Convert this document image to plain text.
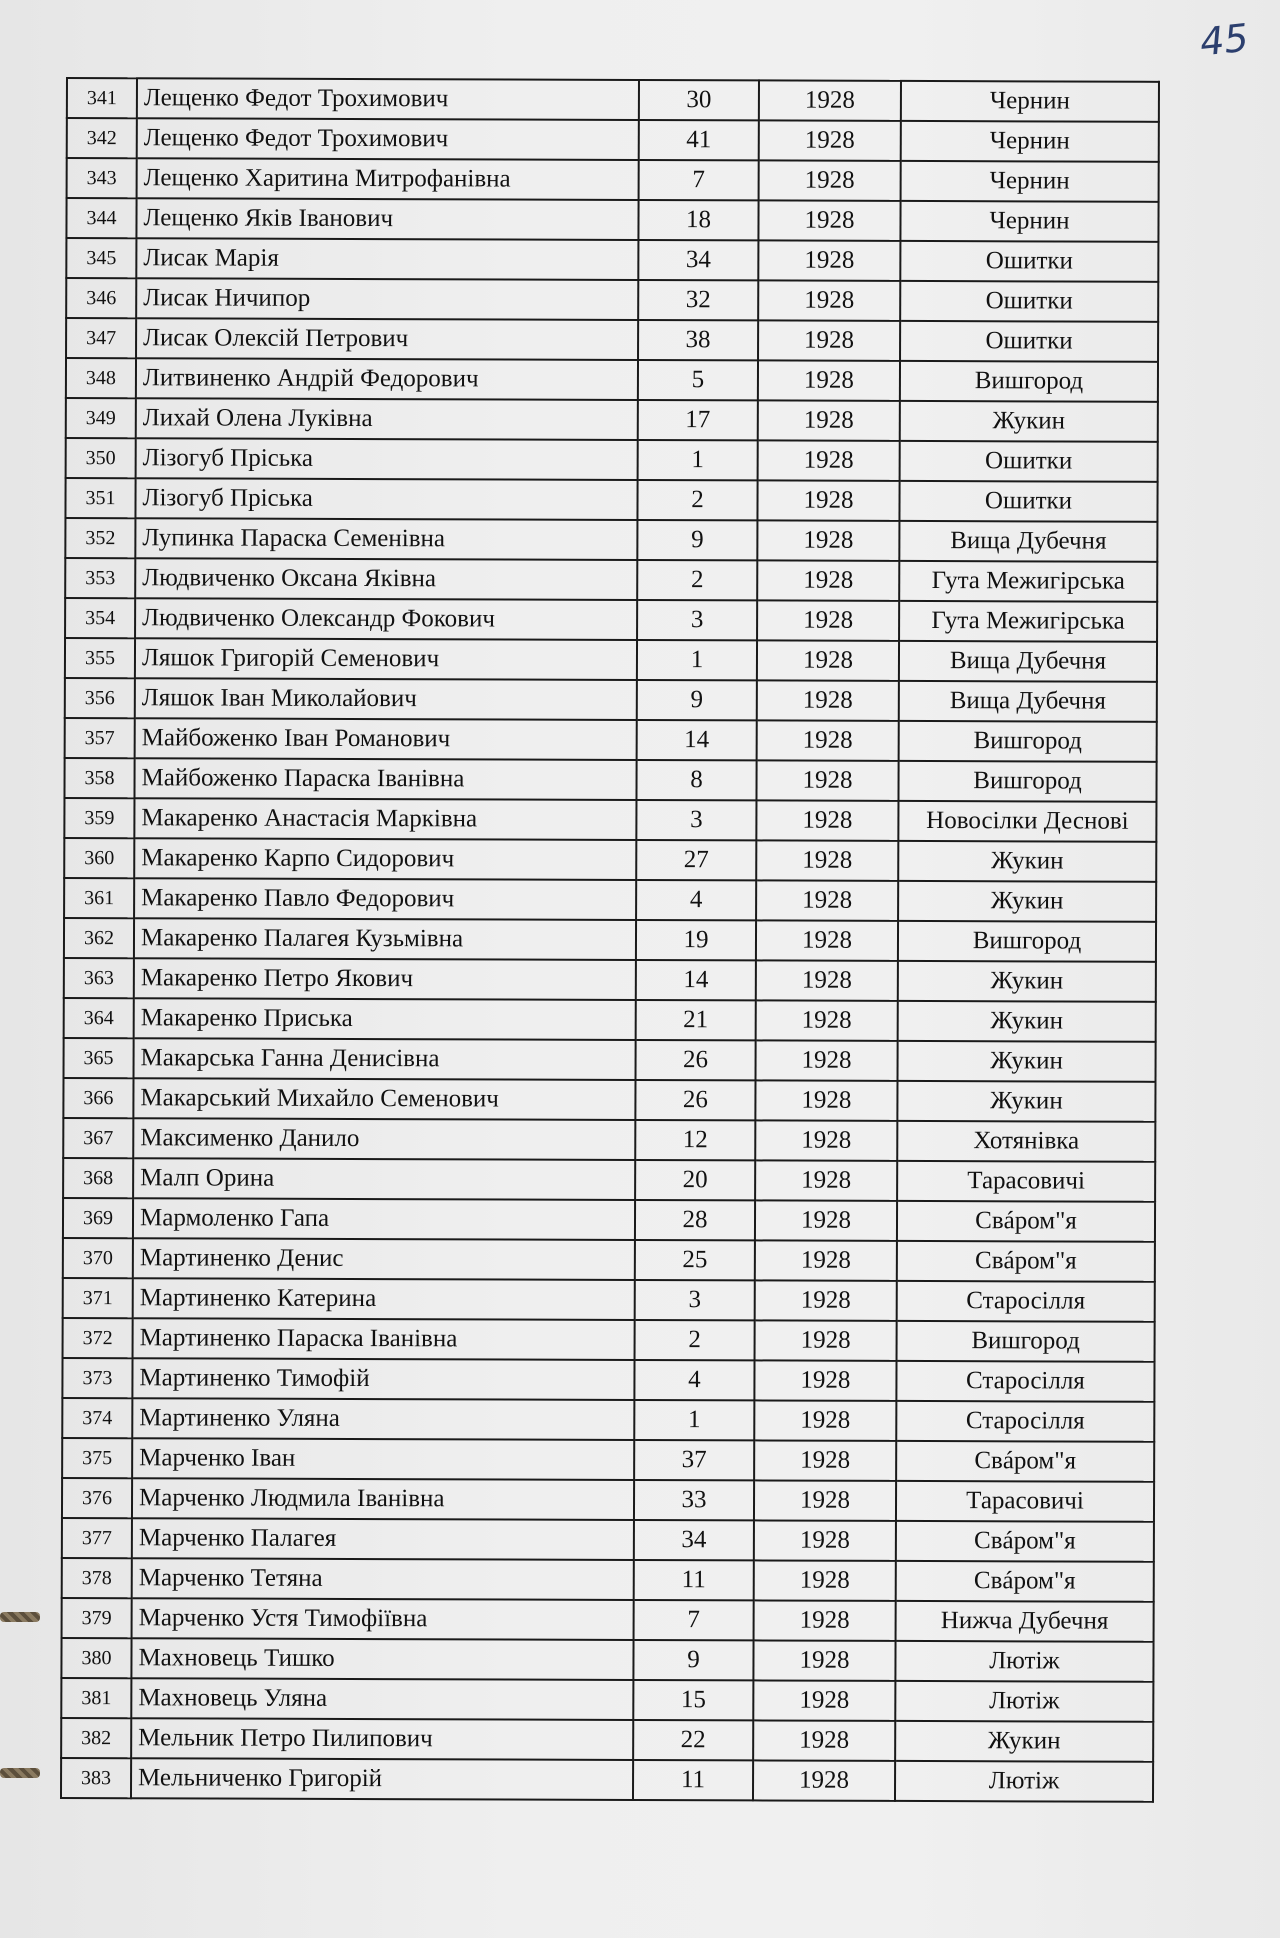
45
341	Лещенко Федот Трохимович	30	1928	Чернин
342	Лещенко Федот Трохимович	41	1928	Чернин
343	Лещенко Харитина Митрофанівна	7	1928	Чернин
344	Лещенко Яків Іванович	18	1928	Чернин
345	Лисак Марія	34	1928	Ошитки
346	Лисак Ничипор	32	1928	Ошитки
347	Лисак Олексій Петрович	38	1928	Ошитки
348	Литвиненко Андрій Федорович	5	1928	Вишгород
349	Лихай Олена Луківна	17	1928	Жукин
350	Лізогуб Пріська	1	1928	Ошитки
351	Лізогуб Пріська	2	1928	Ошитки
352	Лупинка Параска Семенівна	9	1928	Вища Дубечня
353	Людвиченко Оксана Яківна	2	1928	Гута Межигірська
354	Людвиченко Олександр Фокович	3	1928	Гута Межигірська
355	Ляшок Григорій Семенович	1	1928	Вища Дубечня
356	Ляшок Іван Миколайович	9	1928	Вища Дубечня
357	Майбоженко Іван Романович	14	1928	Вишгород
358	Майбоженко Параска Іванівна	8	1928	Вишгород
359	Макаренко Анастасія Марківна	3	1928	Новосілки Деснові
360	Макаренко Карпо Сидорович	27	1928	Жукин
361	Макаренко Павло Федорович	4	1928	Жукин
362	Макаренко Палагея Кузьмівна	19	1928	Вишгород
363	Макаренко Петро Якович	14	1928	Жукин
364	Макаренко Приська	21	1928	Жукин
365	Макарська Ганна Денисівна	26	1928	Жукин
366	Макарський Михайло Семенович	26	1928	Жукин
367	Максименко Данило	12	1928	Хотянівка
368	Малп Орина	20	1928	Тарасовичі
369	Мармоленко Гапа	28	1928	Свáром"я
370	Мартиненко Денис	25	1928	Свáром"я
371	Мартиненко Катерина	3	1928	Старосілля
372	Мартиненко Параска Іванівна	2	1928	Вишгород
373	Мартиненко Тимофій	4	1928	Старосілля
374	Мартиненко Уляна	1	1928	Старосілля
375	Марченко Іван	37	1928	Свáром"я
376	Марченко Людмила Іванівна	33	1928	Тарасовичі
377	Марченко Палагея	34	1928	Свáром"я
378	Марченко Тетяна	11	1928	Свáром"я
379	Марченко Устя Тимофіївна	7	1928	Нижча Дубечня
380	Махновець Тишко	9	1928	Лютіж
381	Махновець Уляна	15	1928	Лютіж
382	Мельник Петро Пилипович	22	1928	Жукин
383	Мельниченко Григорій	11	1928	Лютіж
